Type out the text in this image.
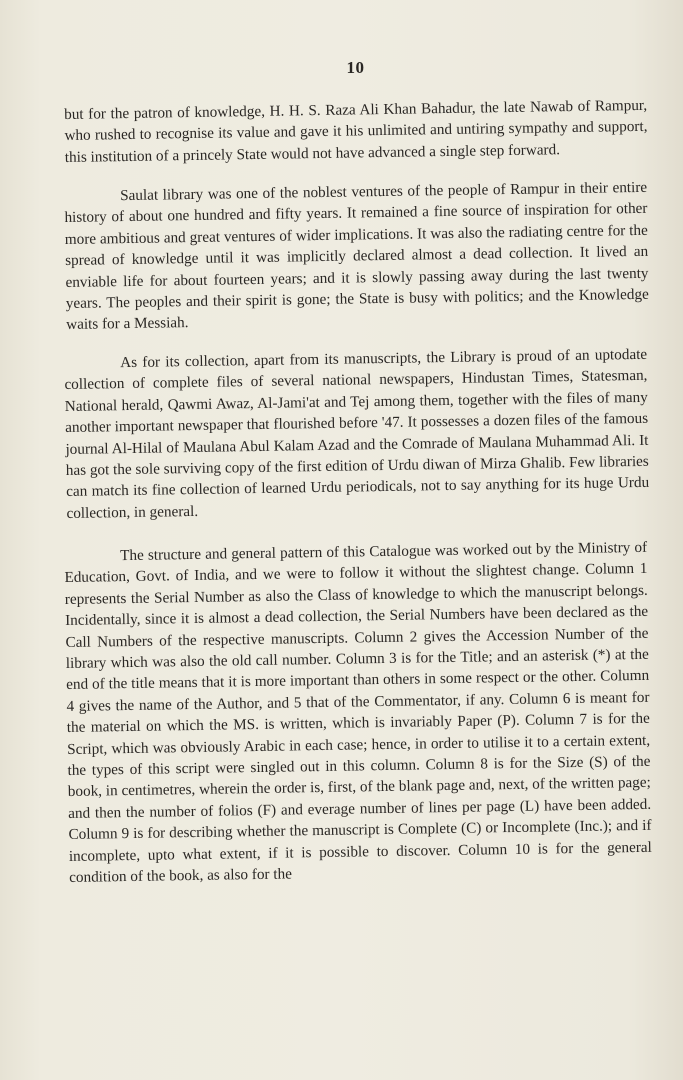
10

but for the patron of knowledge, H. H. S. Raza Ali Khan Bahadur, the late Nawab of Rampur, who rushed to recognise its value and gave it his unlimited and untiring sympathy and support, this institution of a princely State would not have advanced a single step forward.

Saulat library was one of the noblest ventures of the people of Rampur in their entire history of about one hundred and fifty years. It remained a fine source of inspiration for other more ambitious and great ventures of wider implications. It was also the radiating centre for the spread of knowledge until it was implicitly declared almost a dead collection. It lived an enviable life for about fourteen years; and it is slowly passing away during the last twenty years. The peoples and their spirit is gone; the State is busy with politics; and the Knowledge waits for a Messiah.

As for its collection, apart from its manuscripts, the Library is proud of an uptodate collection of complete files of several national newspapers, Hindustan Times, Statesman, National herald, Qawmi Awaz, Al-Jami'at and Tej among them, together with the files of many another important newspaper that flourished before '47. It possesses a dozen files of the famous journal Al-Hilal of Maulana Abul Kalam Azad and the Comrade of Maulana Muhammad Ali. It has got the sole surviving copy of the first edition of Urdu diwan of Mirza Ghalib. Few libraries can match its fine collection of learned Urdu periodicals, not to say anything for its huge Urdu collection, in general.

The structure and general pattern of this Catalogue was worked out by the Ministry of Education, Govt. of India, and we were to follow it without the slightest change. Column 1 represents the Serial Number as also the Class of knowledge to which the manuscript belongs. Incidentally, since it is almost a dead collection, the Serial Numbers have been declared as the Call Numbers of the respective manuscripts. Column 2 gives the Accession Number of the library which was also the old call number. Column 3 is for the Title; and an asterisk (*) at the end of the title means that it is more important than others in some respect or the other. Column 4 gives the name of the Author, and 5 that of the Commentator, if any. Column 6 is meant for the material on which the MS. is written, which is invariably Paper (P). Column 7 is for the Script, which was obviously Arabic in each case; hence, in order to utilise it to a certain extent, the types of this script were singled out in this column. Column 8 is for the Size (S) of the book, in centimetres, wherein the order is, first, of the blank page and, next, of the written page; and then the number of folios (F) and everage number of lines per page (L) have been added. Column 9 is for describing whether the manuscript is Complete (C) or Incomplete (Inc.); and if incomplete, upto what extent, if it is possible to discover. Column 10 is for the general condition of the book, as also for the
